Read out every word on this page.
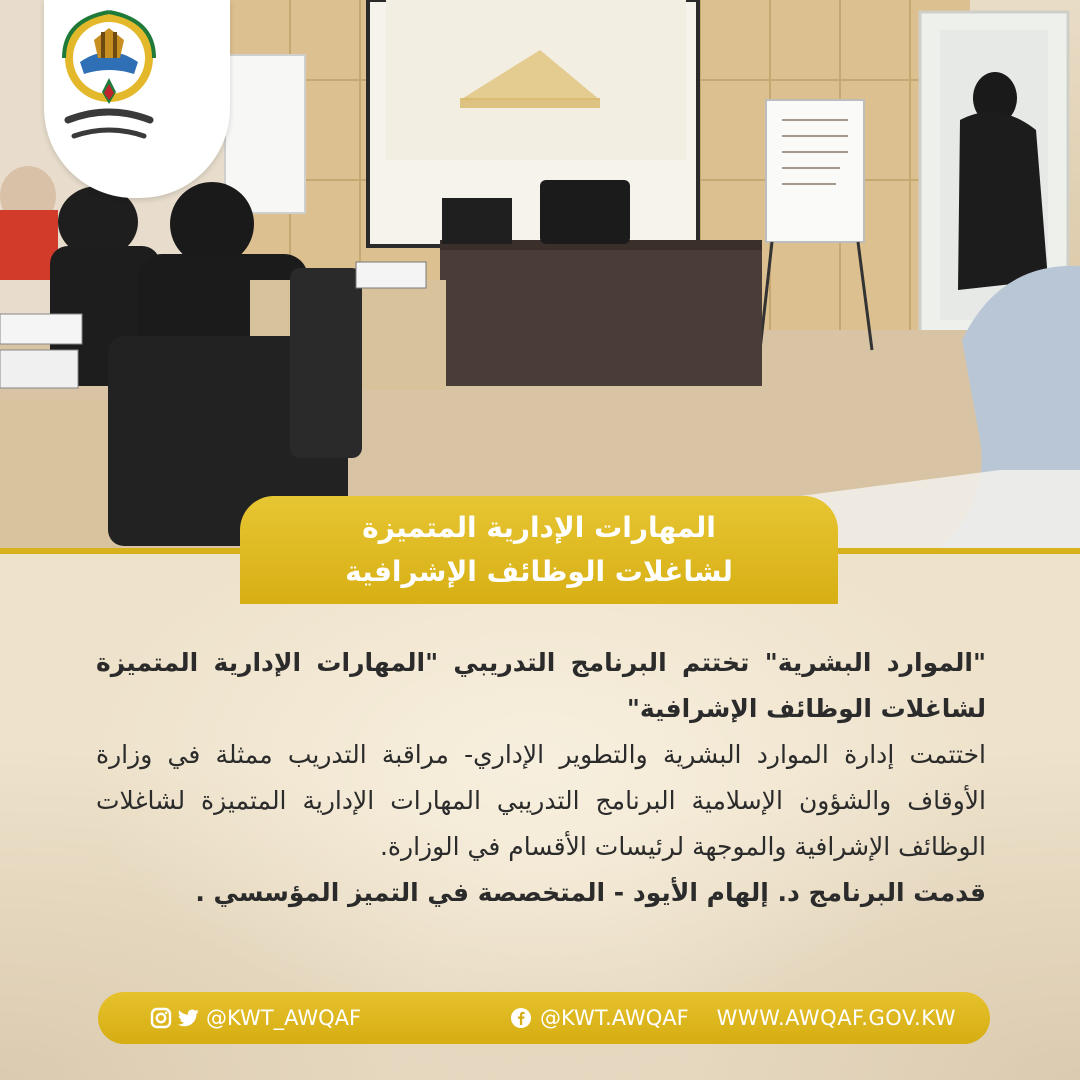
المهارات الإدارية المتميزة
لشاغلات الوظائف الإشرافية

"الموارد البشرية" تختتم البرنامج التدريبي "المهارات الإدارية المتميزة لشاغلات الوظائف الإشرافية"

اختتمت إدارة الموارد البشرية والتطوير الإداري- مراقبة التدريب ممثلة في وزارة الأوقاف والشؤون الإسلامية البرنامج التدريبي المهارات الإدارية المتميزة لشاغلات الوظائف الإشرافية والموجهة لرئيسات الأقسام في الوزارة.

قدمت البرنامج د. إلهام الأيود - المتخصصة في التميز المؤسسي .

@KWT_AWQAF	@KWT.AWQAF WWW.AWQAF.GOV.KW
